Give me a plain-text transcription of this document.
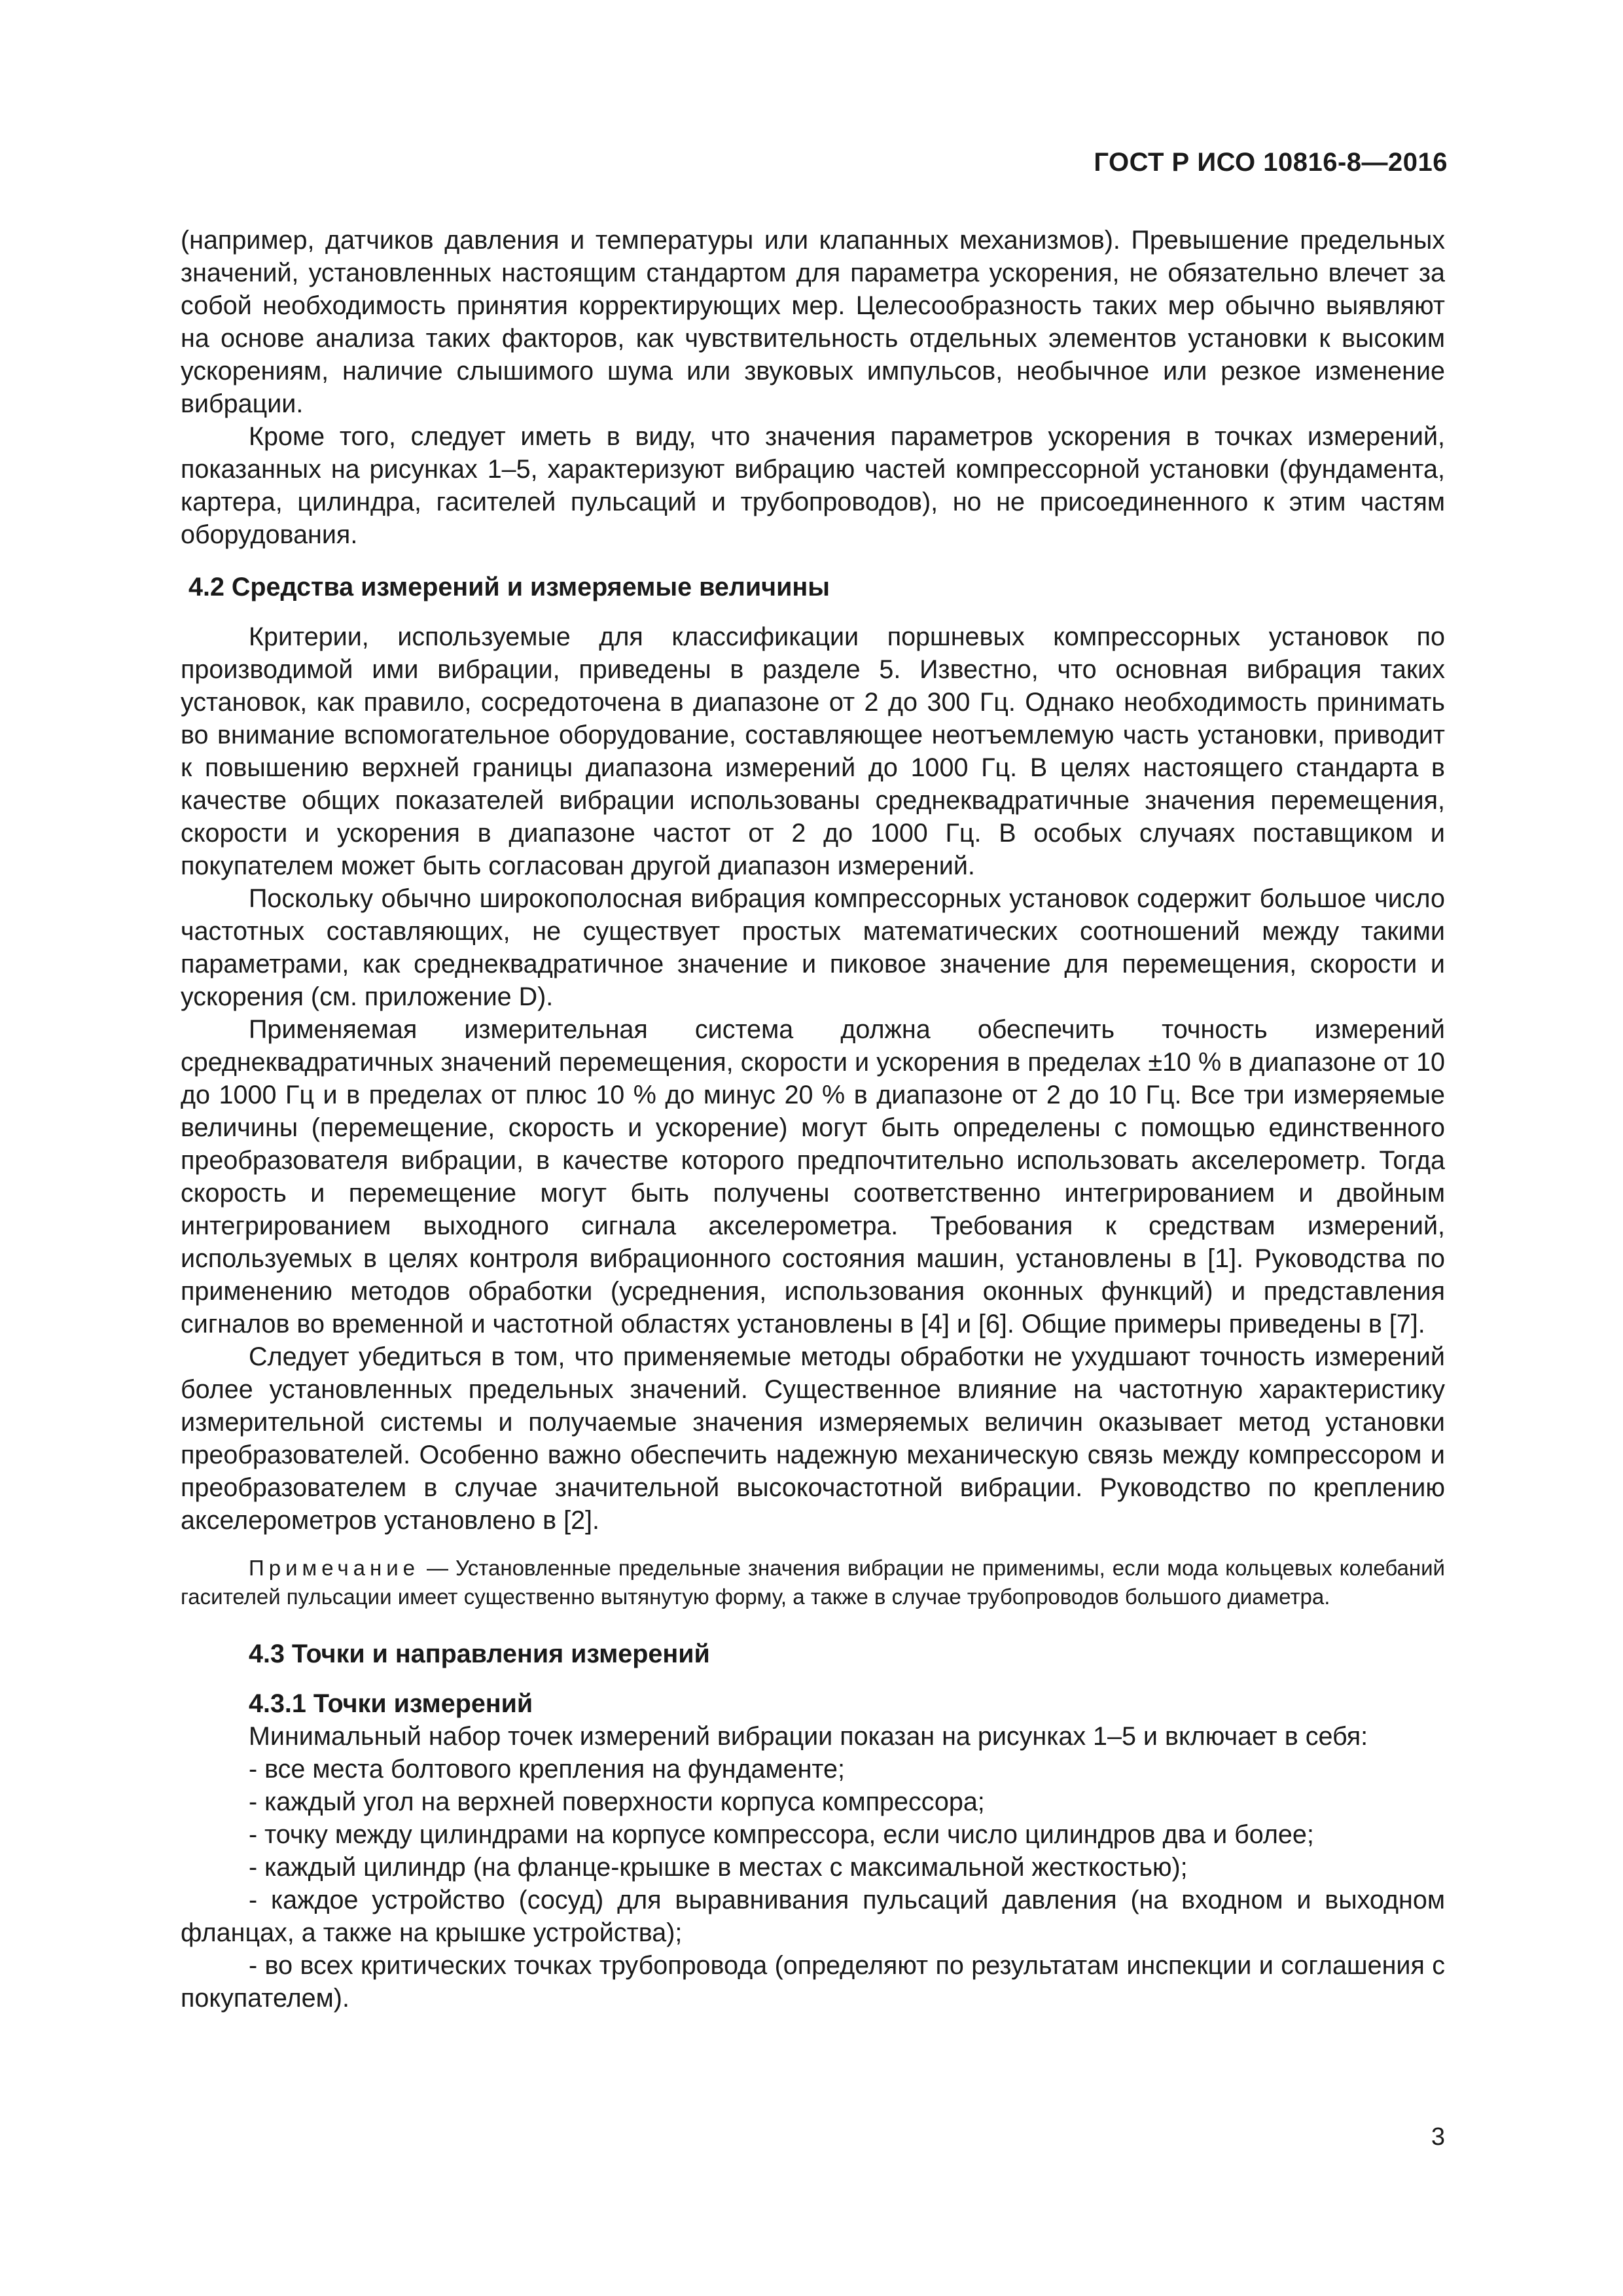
ГОСТ Р ИСО 10816-8—2016

(например, датчиков давления и температуры или клапанных механизмов). Превышение предельных значений, установленных настоящим стандартом для параметра ускорения, не обязательно влечет за собой необходимость принятия корректирующих мер. Целесообразность таких мер обычно выявляют на основе анализа таких факторов, как чувствительность отдельных элементов установки к высоким ускорениям, наличие слышимого шума или звуковых импульсов, необычное или резкое изменение вибрации.

Кроме того, следует иметь в виду, что значения параметров ускорения в точках измерений, показанных на рисунках 1–5, характеризуют вибрацию частей компрессорной установки (фундамента, картера, цилиндра, гасителей пульсаций и трубопроводов), но не присоединенного к этим частям оборудования.

4.2 Средства измерений и измеряемые величины

Критерии, используемые для классификации поршневых компрессорных установок по производимой ими вибрации, приведены в разделе 5. Известно, что основная вибрация таких установок, как правило, сосредоточена в диапазоне от 2 до 300 Гц. Однако необходимость принимать во внимание вспомогательное оборудование, составляющее неотъемлемую часть установки, приводит к повышению верхней границы диапазона измерений до 1000 Гц. В целях настоящего стандарта в качестве общих показателей вибрации использованы среднеквадратичные значения перемещения, скорости и ускорения в диапазоне частот от 2 до 1000 Гц. В особых случаях поставщиком и покупателем может быть согласован другой диапазон измерений.

Поскольку обычно широкополосная вибрация компрессорных установок содержит большое число частотных составляющих, не существует простых математических соотношений между такими параметрами, как среднеквадратичное значение и пиковое значение для перемещения, скорости и ускорения (см. приложение D).

Применяемая измерительная система должна обеспечить точность измерений среднеквадратичных значений перемещения, скорости и ускорения в пределах ±10 % в диапазоне от 10 до 1000 Гц и в пределах от плюс 10 % до минус 20 % в диапазоне от 2 до 10 Гц. Все три измеряемые величины (перемещение, скорость и ускорение) могут быть определены с помощью единственного преобразователя вибрации, в качестве которого предпочтительно использовать акселерометр. Тогда скорость и перемещение могут быть получены соответственно интегрированием и двойным интегрированием выходного сигнала акселерометра. Требования к средствам измерений, используемых в целях контроля вибрационного состояния машин, установлены в [1]. Руководства по применению методов обработки (усреднения, использования оконных функций) и представления сигналов во временной и частотной областях установлены в [4] и [6]. Общие примеры приведены в [7].

Следует убедиться в том, что применяемые методы обработки не ухудшают точность измерений более установленных предельных значений. Существенное влияние на частотную характеристику измерительной системы и получаемые значения измеряемых величин оказывает метод установки преобразователей. Особенно важно обеспечить надежную механическую связь между компрессором и преобразователем в случае значительной высокочастотной вибрации. Руководство по креплению акселерометров установлено в [2].

Примечание — Установленные предельные значения вибрации не применимы, если мода кольцевых колебаний гасителей пульсации имеет существенно вытянутую форму, а также в случае трубопроводов большого диаметра.

4.3 Точки и направления измерений
4.3.1 Точки измерений

Минимальный набор точек измерений вибрации показан на рисунках 1–5 и включает в себя:

- все места болтового крепления на фундаменте;

- каждый угол на верхней поверхности корпуса компрессора;

- точку между цилиндрами на корпусе компрессора, если число цилиндров два и более;

- каждый цилиндр (на фланце-крышке в местах с максимальной жесткостью);

- каждое устройство (сосуд) для выравнивания пульсаций давления (на входном и выходном фланцах, а также на крышке устройства);

- во всех критических точках трубопровода (определяют по результатам инспекции и соглашения с покупателем).

3
